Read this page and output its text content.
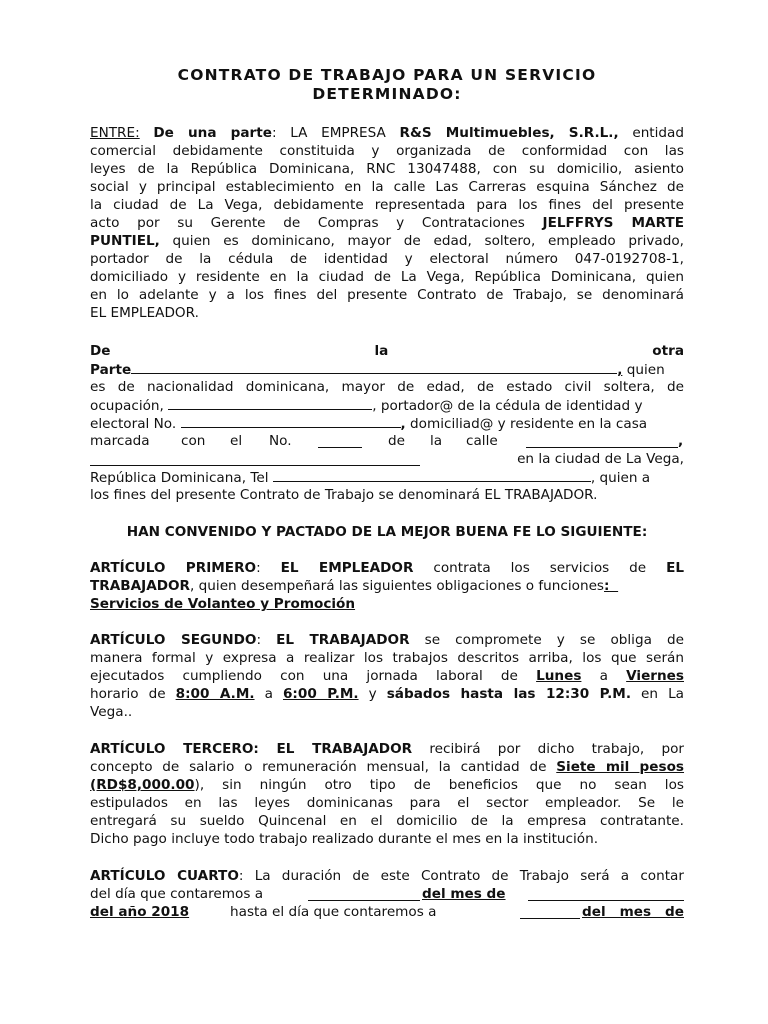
CONTRATO DE TRABAJO PARA UN SERVICIO
DETERMINADO:
ENTRE: De una parte: LA EMPRESA R&S Multimuebles, S.R.L., entidad
comercial debidamente constituida y organizada de conformidad con las
leyes de la República Dominicana, RNC 13047488, con su domicilio, asiento
social y principal establecimiento en la calle Las Carreras esquina Sánchez de
la ciudad de La Vega, debidamente representada para los fines del presente
acto por su Gerente de Compras y Contrataciones JELFFRYS MARTE
PUNTIEL, quien es dominicano, mayor de edad, soltero, empleado privado,
portador de la cédula de identidad y electoral número 047-0192708-1,
domiciliado y residente en la ciudad de La Vega, República Dominicana, quien
en lo adelante y a los fines del presente Contrato de Trabajo, se denominará
EL EMPLEADOR.
De	la	otra
Parte	, quien
es de nacionalidad dominicana, mayor de edad, de estado civil soltera, de
ocupación,	, portador@ de la cédula de identidad y
electoral No.	, domiciliad@ y residente en la casa
marcada con el No.	de la calle	,
en la ciudad de La Vega,
República Dominicana, Tel	, quien a
los fines del presente Contrato de Trabajo se denominará EL TRABAJADOR.
HAN CONVENIDO Y PACTADO DE LA MEJOR BUENA FE LO SIGUIENTE:
ARTÍCULO PRIMERO: EL EMPLEADOR contrata los servicios de EL
TRABAJADOR, quien desempeñará las siguientes obligaciones o funciones:
Servicios de Volanteo y Promoción
ARTÍCULO SEGUNDO: EL TRABAJADOR se compromete y se obliga de
manera formal y expresa a realizar los trabajos descritos arriba, los que serán
ejecutados cumpliendo con una jornada laboral de Lunes a Viernes
horario de 8:00 A.M. a 6:00 P.M. y sábados hasta las 12:30 P.M. en La
Vega..
ARTÍCULO TERCERO: EL TRABAJADOR recibirá por dicho trabajo, por
concepto de salario o remuneración mensual, la cantidad de Siete mil pesos
(RD$8,000.00), sin ningún otro tipo de beneficios que no sean los
estipulados en las leyes dominicanas para el sector empleador. Se le
entregará su sueldo Quincenal en el domicilio de la empresa contratante.
Dicho pago incluye todo trabajo realizado durante el mes en la institución.
ARTÍCULO CUARTO: La duración de este Contrato de Trabajo será a contar
del día que contaremos a	del mes de
del año 2018	hasta el día que contaremos a	del mes de
